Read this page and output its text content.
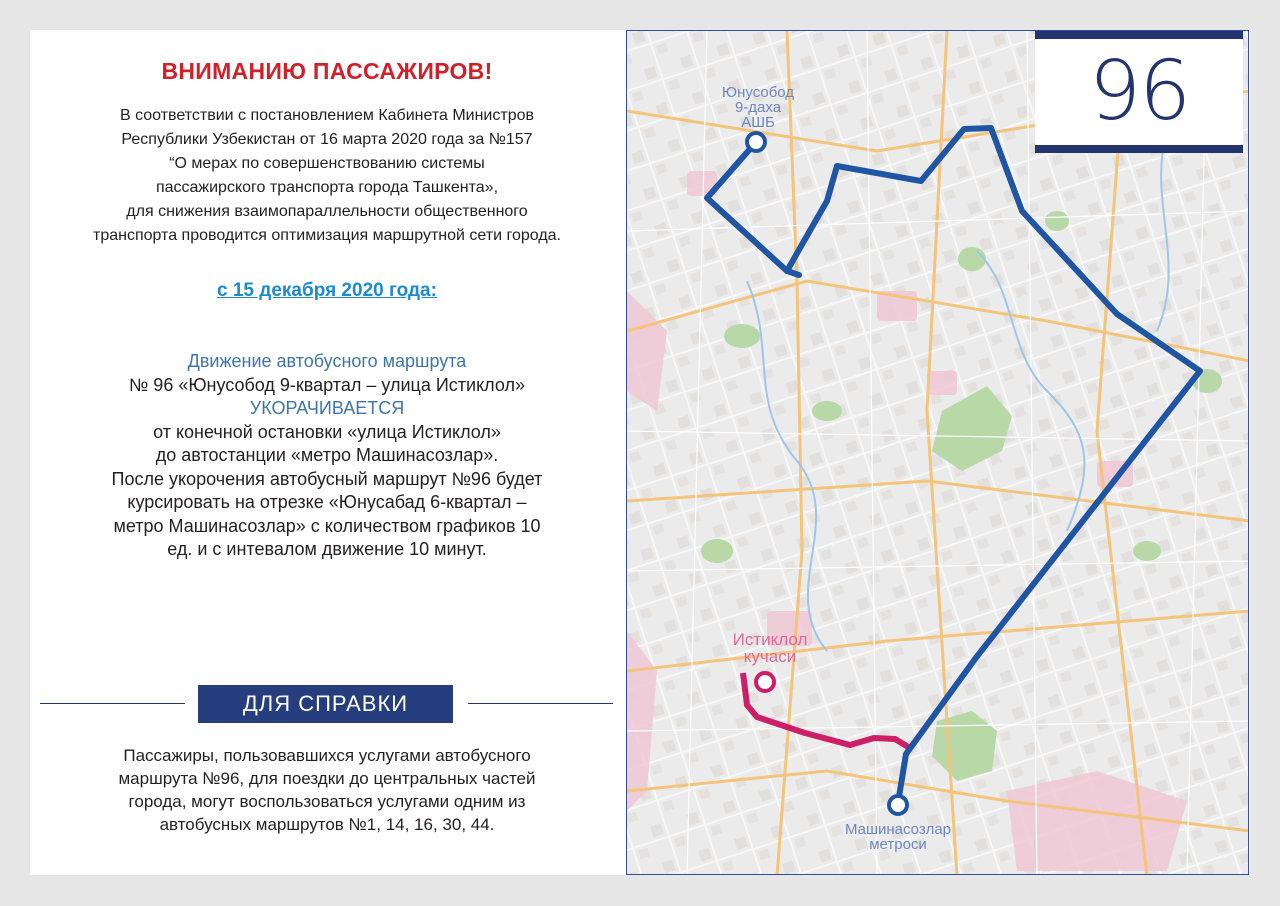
ВНИМАНИЮ ПАССАЖИРОВ!

В соответствии с постановлением Кабинета Министров
Республики Узбекистан от 16 марта 2020 года за №157
“О мерах по совершенствованию системы
пассажирского транспорта города Ташкента»,
для снижения взаимопараллельности общественного
транспорта проводится оптимизация маршрутной сети города.

с 15 декабря 2020 года:

Движение автобусного маршрута
№ 96 «Юнусобод 9-квартал – улица Истиклол»
УКОРАЧИВАЕТСЯ
от конечной остановки «улица Истиклол»
до автостанции «метро Машинасозлар».
После укорочения автобусный маршрут №96 будет
курсировать на отрезке «Юнусабад 6-квартал –
метро Машинасозлар» с количеством графиков 10
ед. и с интевалом движение 10 минут.

ДЛЯ СПРАВКИ

Пассажиры, пользовавшихся услугами автобусного
маршрута №96, для поездки до центральных частей
города, могут воспользоваться услугами одним из
автобусных маршрутов №1, 14, 16, 30, 44.

Юнусобод
9-даха
АШБ
Истиклол
кучаси
Машинасозлар
метроси
96
